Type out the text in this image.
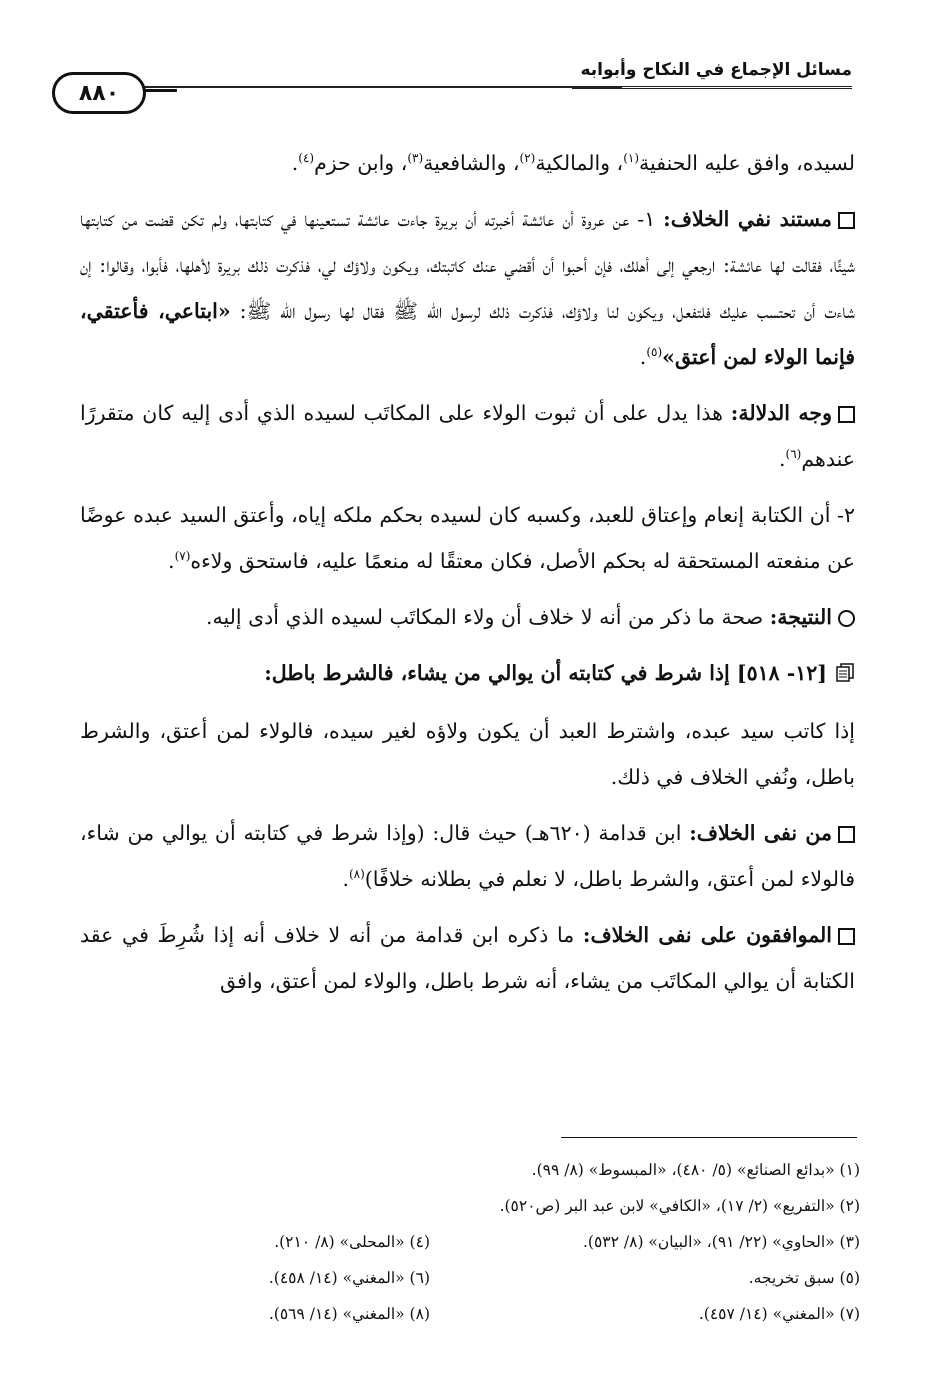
مسائل الإجماع في النكاح وأبوابه
٨٨٠

لسيده، وافق عليه الحنفية$^{(١)}$، والمالكية$^{(٢)}$، والشافعية$^{(٣)}$، وابن حزم$^{(٤)}$.

مستند نفي الخلاف: ١- عن عروة أن عائشة أخبرته أن بريرة جاءت عائشة تستعينها في كتابتها، ولم تكن قضت من كتابتها شيئًا، فقالت لها عائشة: ارجعي إلى أهلك، فإن أحبوا أن أقضي عنك كاتبتك، ويكون ولاؤك لي، فذكرت ذلك بريرة لأهلها، فأبوا، وقالوا: إن شاءت أن تحتسب عليك فلتفعل، ويكون لنا ولاؤك، فذكرت ذلك لرسول الله ﷺ فقال لها رسول الله ﷺ: «ابتاعي، فأعتقي، فإنما الولاء لمن أعتق»$^{(٥)}$.

وجه الدلالة: هذا يدل على أن ثبوت الولاء على المكاتَب لسيده الذي أدى إليه كان متقررًا عندهم$^{(٦)}$.

٢- أن الكتابة إنعام وإعتاق للعبد، وكسبه كان لسيده بحكم ملكه إياه، وأعتق السيد عبده عوضًا عن منفعته المستحقة له بحكم الأصل، فكان معتقًا له منعمًا عليه، فاستحق ولاءه$^{(٧)}$.

النتيجة: صحة ما ذكر من أنه لا خلاف أن ولاء المكاتَب لسيده الذي أدى إليه.

[١٢- ٥١٨] إذا شرط في كتابته أن يوالي من يشاء، فالشرط باطل:

إذا كاتب سيد عبده، واشترط العبد أن يكون ولاؤه لغير سيده، فالولاء لمن أعتق، والشرط باطل، ونُفي الخلاف في ذلك.

من نفى الخلاف: ابن قدامة (٦٢٠هـ) حيث قال: (وإذا شرط في كتابته أن يوالي من شاء، فالولاء لمن أعتق، والشرط باطل، لا نعلم في بطلانه خلافًا)$^{(٨)}$.

الموافقون على نفى الخلاف: ما ذكره ابن قدامة من أنه لا خلاف أنه إذا شُرِطَ في عقد الكتابة أن يوالي المكاتَب من يشاء، أنه شرط باطل، والولاء لمن أعتق، وافق

(١) «بدائع الصنائع» (٥/ ٤٨٠)، «المبسوط» (٨/ ٩٩).
(٢) «التفريع» (٢/ ١٧)، «الكافي» لابن عبد البر (ص٥٢٠).
(٣) «الحاوي» (٢٢/ ٩١)، «البيان» (٨/ ٥٣٢).
(٤) «المحلى» (٨/ ٢١٠).
(٥) سبق تخريجه.
(٦) «المغني» (١٤/ ٤٥٨).
(٧) «المغني» (١٤/ ٤٥٧).
(٨) «المغني» (١٤/ ٥٦٩).
